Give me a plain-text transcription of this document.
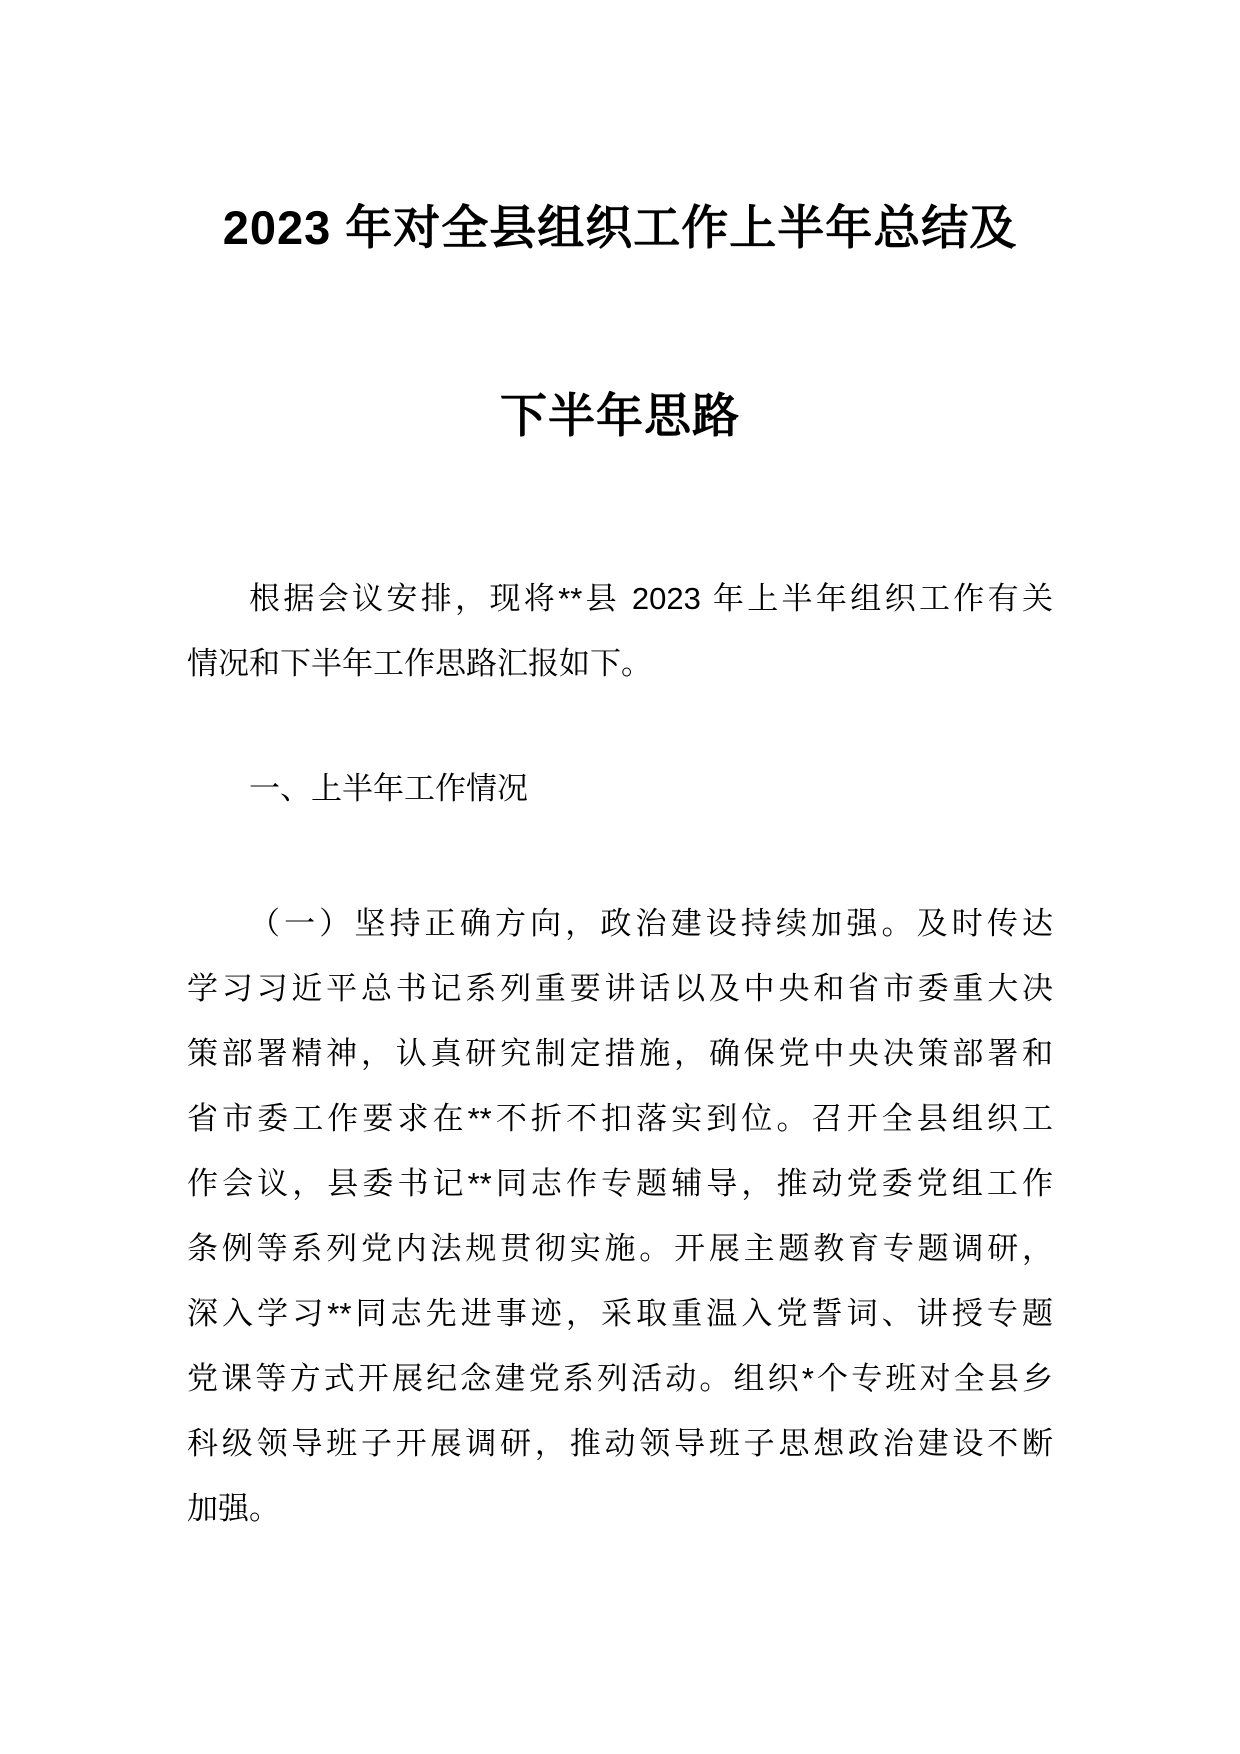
2023 年对全县组织工作上半年总结及
下半年思路
根据会议安排，现将**县 2023 年上半年组织工作有关
情况和下半年工作思路汇报如下。
一、上半年工作情况
（一）坚持正确方向，政治建设持续加强。及时传达
学习习近平总书记系列重要讲话以及中央和省市委重大决
策部署精神，认真研究制定措施，确保党中央决策部署和
省市委工作要求在**不折不扣落实到位。召开全县组织工
作会议，县委书记**同志作专题辅导，推动党委党组工作
条例等系列党内法规贯彻实施。开展主题教育专题调研，
深入学习**同志先进事迹，采取重温入党誓词、讲授专题
党课等方式开展纪念建党系列活动。组织*个专班对全县乡
科级领导班子开展调研，推动领导班子思想政治建设不断
加强。
